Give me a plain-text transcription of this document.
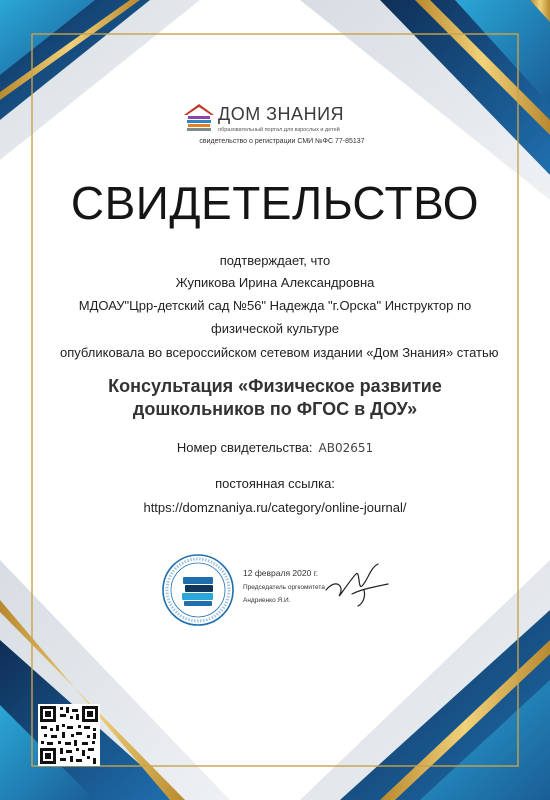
ДОМ ЗНАНИЯ
образовательный портал для взрослых и детей
свидетельство о регистрации СМИ №ФС 77-85137
СВИДЕТЕЛЬСТВО
подтверждает, что
Жупикова Ирина Александровна
МДОАУ"Црр-детский сад №56" Надежда "г.Орска" Инструктор по
физической культуре
опубликовала во всероссийском сетевом издании «Дом Знания» статью
Консультация «Физическое развитие
дошкольников по ФГОС в ДОУ»
Номер свидетельства: АВ02651
постоянная ссылка:
https://domznaniya.ru/category/online-journal/
12 февраля 2020 г.
Председатель оргкомитета
Андриенко Я.И.
